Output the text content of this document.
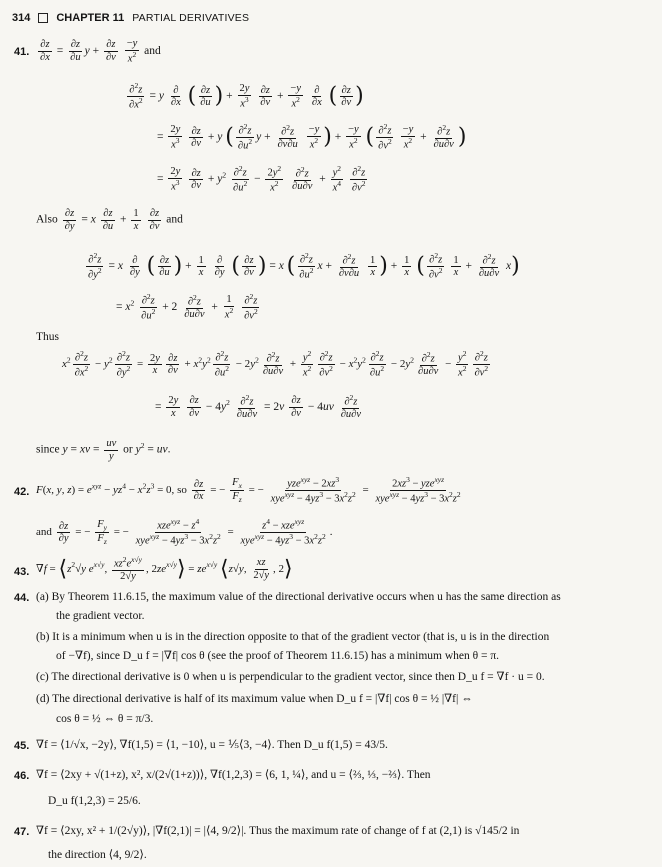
314 CHAPTER 11 PARTIAL DERIVATIVES
41. $\frac{\partial z}{\partial x} = \frac{\partial z}{\partial u}$ $y + \frac{\partial z}{\partial v}$
$\frac{-y}{x^2}$ and
$\frac{\partial^2z}{\partial x^2} = y \frac{\partial}{\partial x}$ ( $\frac{\partial z}{\partial u}$ ) + $\frac{2y}{x^3}$
$\frac{\partial z}{\partial v} + \frac{-y}{x^2}$
$\frac{\partial}{\partial x}$ ( $\frac{\partial z}{\partial v}$ )
= $\frac{2y}{x^3}$
$\frac{\partial z}{\partial v} + y$ ( $\frac{\partial^2z}{\partial u^2}$ $y + \frac{\partial^2z}{\partial v\partial u}$
$\frac{-y}{x^2}$ ) + $\frac{-y}{x^2}$ ( $\frac{\partial^2z}{\partial v^2}$
$\frac{-y}{x^2} + \frac{\partial^2z}{\partial u\partial v}$ )
= $\frac{2y}{x^3}$
$\frac{\partial z}{\partial v} + y^2 \frac{\partial^2z}{\partial u^2} - \frac{2y^2}{x^2}$
$\frac{\partial^2z}{\partial u\partial v} + \frac{y^2}{x^4}$
$\frac{\partial^2z}{\partial v^2}$
Also $\frac{\partial z}{\partial y} = x \frac{\partial z}{\partial u} + \frac{1}{x}$
$\frac{\partial z}{\partial v}$ and
$\frac{\partial^2z}{\partial y^2} = x \frac{\partial}{\partial y}$ ( $\frac{\partial z}{\partial u}$ ) + $\frac{1}{x}$
$\frac{\partial}{\partial y}$ ( $\frac{\partial z}{\partial v}$ ) = x ( $\frac{\partial^2z}{\partial u^2}$ $x + \frac{\partial^2z}{\partial v\partial u}$
$\frac{1}{x}$ ) + $\frac{1}{x}$ ( $\frac{\partial^2z}{\partial v^2}$
$\frac{1}{x} + \frac{\partial^2z}{\partial u\partial v} x$)
= $x^2 \frac{\partial^2z}{\partial u^2} + 2 \frac{\partial^2z}{\partial u\partial v} + \frac{1}{x^2}$
$\frac{\partial^2z}{\partial v^2}$
Thus
$x^2 \frac{\partial^2z}{\partial x^2} - y^2 \frac{\partial^2z}{\partial y^2} = \frac{2y}{x} \frac{\partial z}{\partial v} + x^2y^2 \frac{\partial^2z}{\partial u^2} - 2y^2 \frac{\partial^2z}{\partial u\partial v} + \frac{y^2}{x^2} \frac{\partial^2z}{\partial v^2} - x^2y^2 \frac{\partial^2z}{\partial u^2} - 2y^2 \frac{\partial^2z}{\partial u\partial v} - \frac{y^2}{x^2} \frac{\partial^2z}{\partial v^2}$
= $\frac{2y}{x}$
$\frac{\partial z}{\partial v} - 4y^2 \frac{\partial^2z}{\partial u\partial v} = 2v \frac{\partial z}{\partial v} - 4uv \frac{\partial^2z}{\partial u\partial v}$
since y = xv = $\frac{uv}{y}$ or $y^2$ = uv.
42. F(x, y, $z) = e^{xyz} - yz^4 - x^2z^3 = 0$, so $\frac{\partial z}{\partial x}$ = − $\frac{F_x}{F_z}$ = − $\frac{yze^{xyz} - 2xz^3}{xye^{xyz} - 4yz^3 - 3x^2z^2} = \frac{2xz^3 - yze^{xyz}}{xye^{xyz} - 4yz^3 - 3x^2z^2}$
and $\frac{\partial z}{\partial y}$ = − $\frac{F_y}{F_z}$ = − $\frac{xze^{xyz} - z^4}{xye^{xyz} - 4yz^3 - 3x^2z^2} = \frac{z^4 - xze^{xyz}}{xye^{xyz} - 4yz^3 - 3x^2z^2}$ .
43. $\nabla f = ⟨z^2√y$ $e^{x√y}$, $\frac{xz^2e^{x√y}}{2√y}$ , $2ze^{x√y}⟩ = ze^{x√y}$ ⟨z√y, $\frac{xz}{2√y}$ , 2⟩
44. (a) By Theorem 11.6.15, the maximum value of the directional derivative occurs when u has the same direction as
the gradient vector.
(b) It is a minimum when u is in the direction opposite to that of the gradient vector (that is, u is in the direction
of −∇f), since D_u f = |∇f| cos θ (see the proof of Theorem 11.6.15) has a minimum when θ = π.
(c) The directional derivative is 0 when u is perpendicular to the gradient vector, since then D_u f = ∇f · u = 0.
(d) The directional derivative is half of its maximum value when D_u f = |∇f| cos θ = ½ |∇f| ⇔
cos θ = ½ ⇔ θ = π/3.
45. ∇f = ⟨1/√x, −2y⟩, ∇f(1,5) = ⟨1, −10⟩, u = ⅕⟨3, −4⟩. Then D_u f(1,5) = 43/5.
46. ∇f = ⟨2xy + √(1+z), x², x/(2√(1+z))⟩, ∇f(1,2,3) = ⟨6, 1, ¼⟩, and u = ⟨⅔, ⅓, −⅔⟩. Then
D_u f(1,2,3) = 25/6.
47. ∇f = ⟨2xy, x² + 1/(2√y)⟩, |∇f(2,1)| = |⟨4, 9/2⟩|. Thus the maximum rate of change of f at (2,1) is √145/2 in
the direction ⟨4, 9/2⟩.
